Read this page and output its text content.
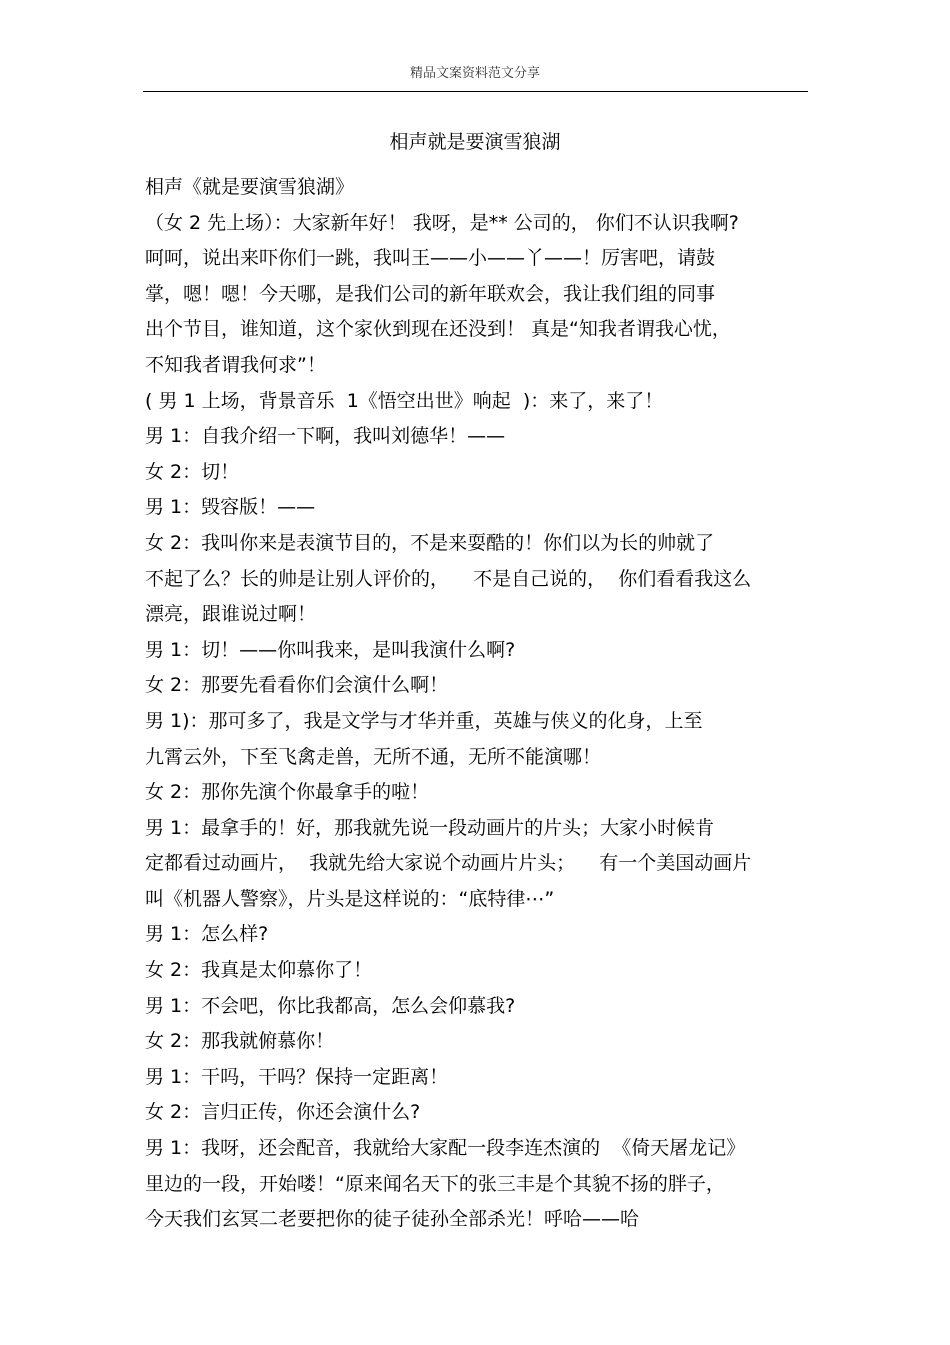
精品文案资料范文分享
相声就是要演雪狼湖
相声《就是要演雪狼湖》
（女 2 先上场）：大家新年好！ 我呀，是** 公司的， 你们不认识我啊?
呵呵，说出来吓你们一跳，我叫王——小——丫——！厉害吧，请鼓
掌，嗯！嗯！今天哪，是我们公司的新年联欢会，我让我们组的同事
出个节目，谁知道，这个家伙到现在还没到！ 真是“知我者谓我心忧，
不知我者谓我何求”！
( 男 1 上场，背景音乐  1《悟空出世》响起  )：来了，来了！
男 1：自我介绍一下啊，我叫刘德华！——
女 2：切！
男 1：毁容版！——
女 2：我叫你来是表演节目的，不是来耍酷的！你们以为长的帅就了
不起了么？长的帅是让别人评价的，    不是自己说的，  你们看看我这么
漂亮，跟谁说过啊！
男 1：切！——你叫我来，是叫我演什么啊?
女 2：那要先看看你们会演什么啊！
男 1)：那可多了，我是文学与才华并重，英雄与侠义的化身，上至
九霄云外，下至飞禽走兽，无所不通，无所不能演哪！
女 2：那你先演个你最拿手的啦！
男 1：最拿手的！好，那我就先说一段动画片的片头；大家小时候肯
定都看过动画片，  我就先给大家说个动画片片头；    有一个美国动画片
叫《机器人警察》，片头是这样说的：“底特律⋯”
男 1：怎么样?
女 2：我真是太仰慕你了！
男 1：不会吧，你比我都高，怎么会仰慕我?
女 2：那我就俯慕你！
男 1：干吗，干吗？保持一定距离！
女 2：言归正传，你还会演什么?
男 1：我呀，还会配音，我就给大家配一段李连杰演的  《倚天屠龙记》
里边的一段，开始喽！“原来闻名天下的张三丰是个其貌不扬的胖子，
今天我们玄冥二老要把你的徒子徒孙全部杀光！呼哈——哈
